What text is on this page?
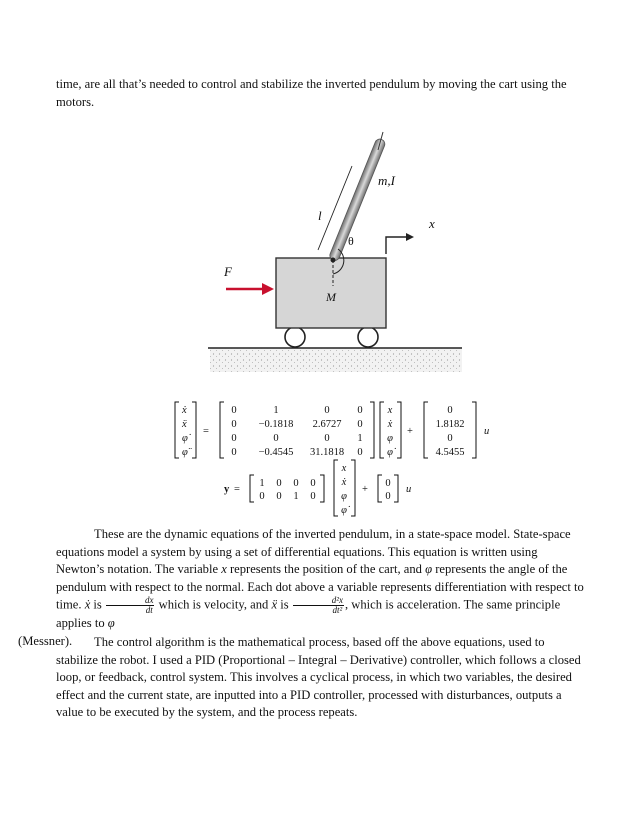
time, are all that’s needed to control and stabilize the inverted pendulum by moving the cart using the
motors.

l
m,I
θ
M
x
F
ẋ
ẍ
φ̇
φ̈
=
0	1	0	0
0 −0.1818 2.6727 0
0	0	0	1
0 −0.4545 31.1818 0
x
ẋ
φ
φ̇
+
0
1.8182
0
4.5455
u
y =
1 0 0 0
0 0 1 0
x
ẋ
φ
φ̇
+
0
0
u

These are the dynamic equations of the inverted pendulum, in a state-space model. State-space equations model a system by using a set of differential equations. This equation is written using Newton’s notation. The variable x represents the position of the cart, and φ represents the angle of the pendulum with respect to the normal. Each dot above a variable represents differentiation with respect to time. ẋ is $\frac{dx}{dt}$ which is velocity, and ẍ is $\frac{\text{d²x}}{\text{dt²}}$ , which is acceleration. The same principle applies to φ
(Messner).	The control algorithm is the mathematical process, based off the above equations, used to stabilize the robot. I used a PID (Proportional – Integral – Derivative) controller, which follows a closed loop, or feedback, control system. This involves a cyclical process, in which two variables, the desired effect and the current state, are inputted into a PID controller, processed with disturbances, outputs a value to be executed by the system, and the process repeats.
